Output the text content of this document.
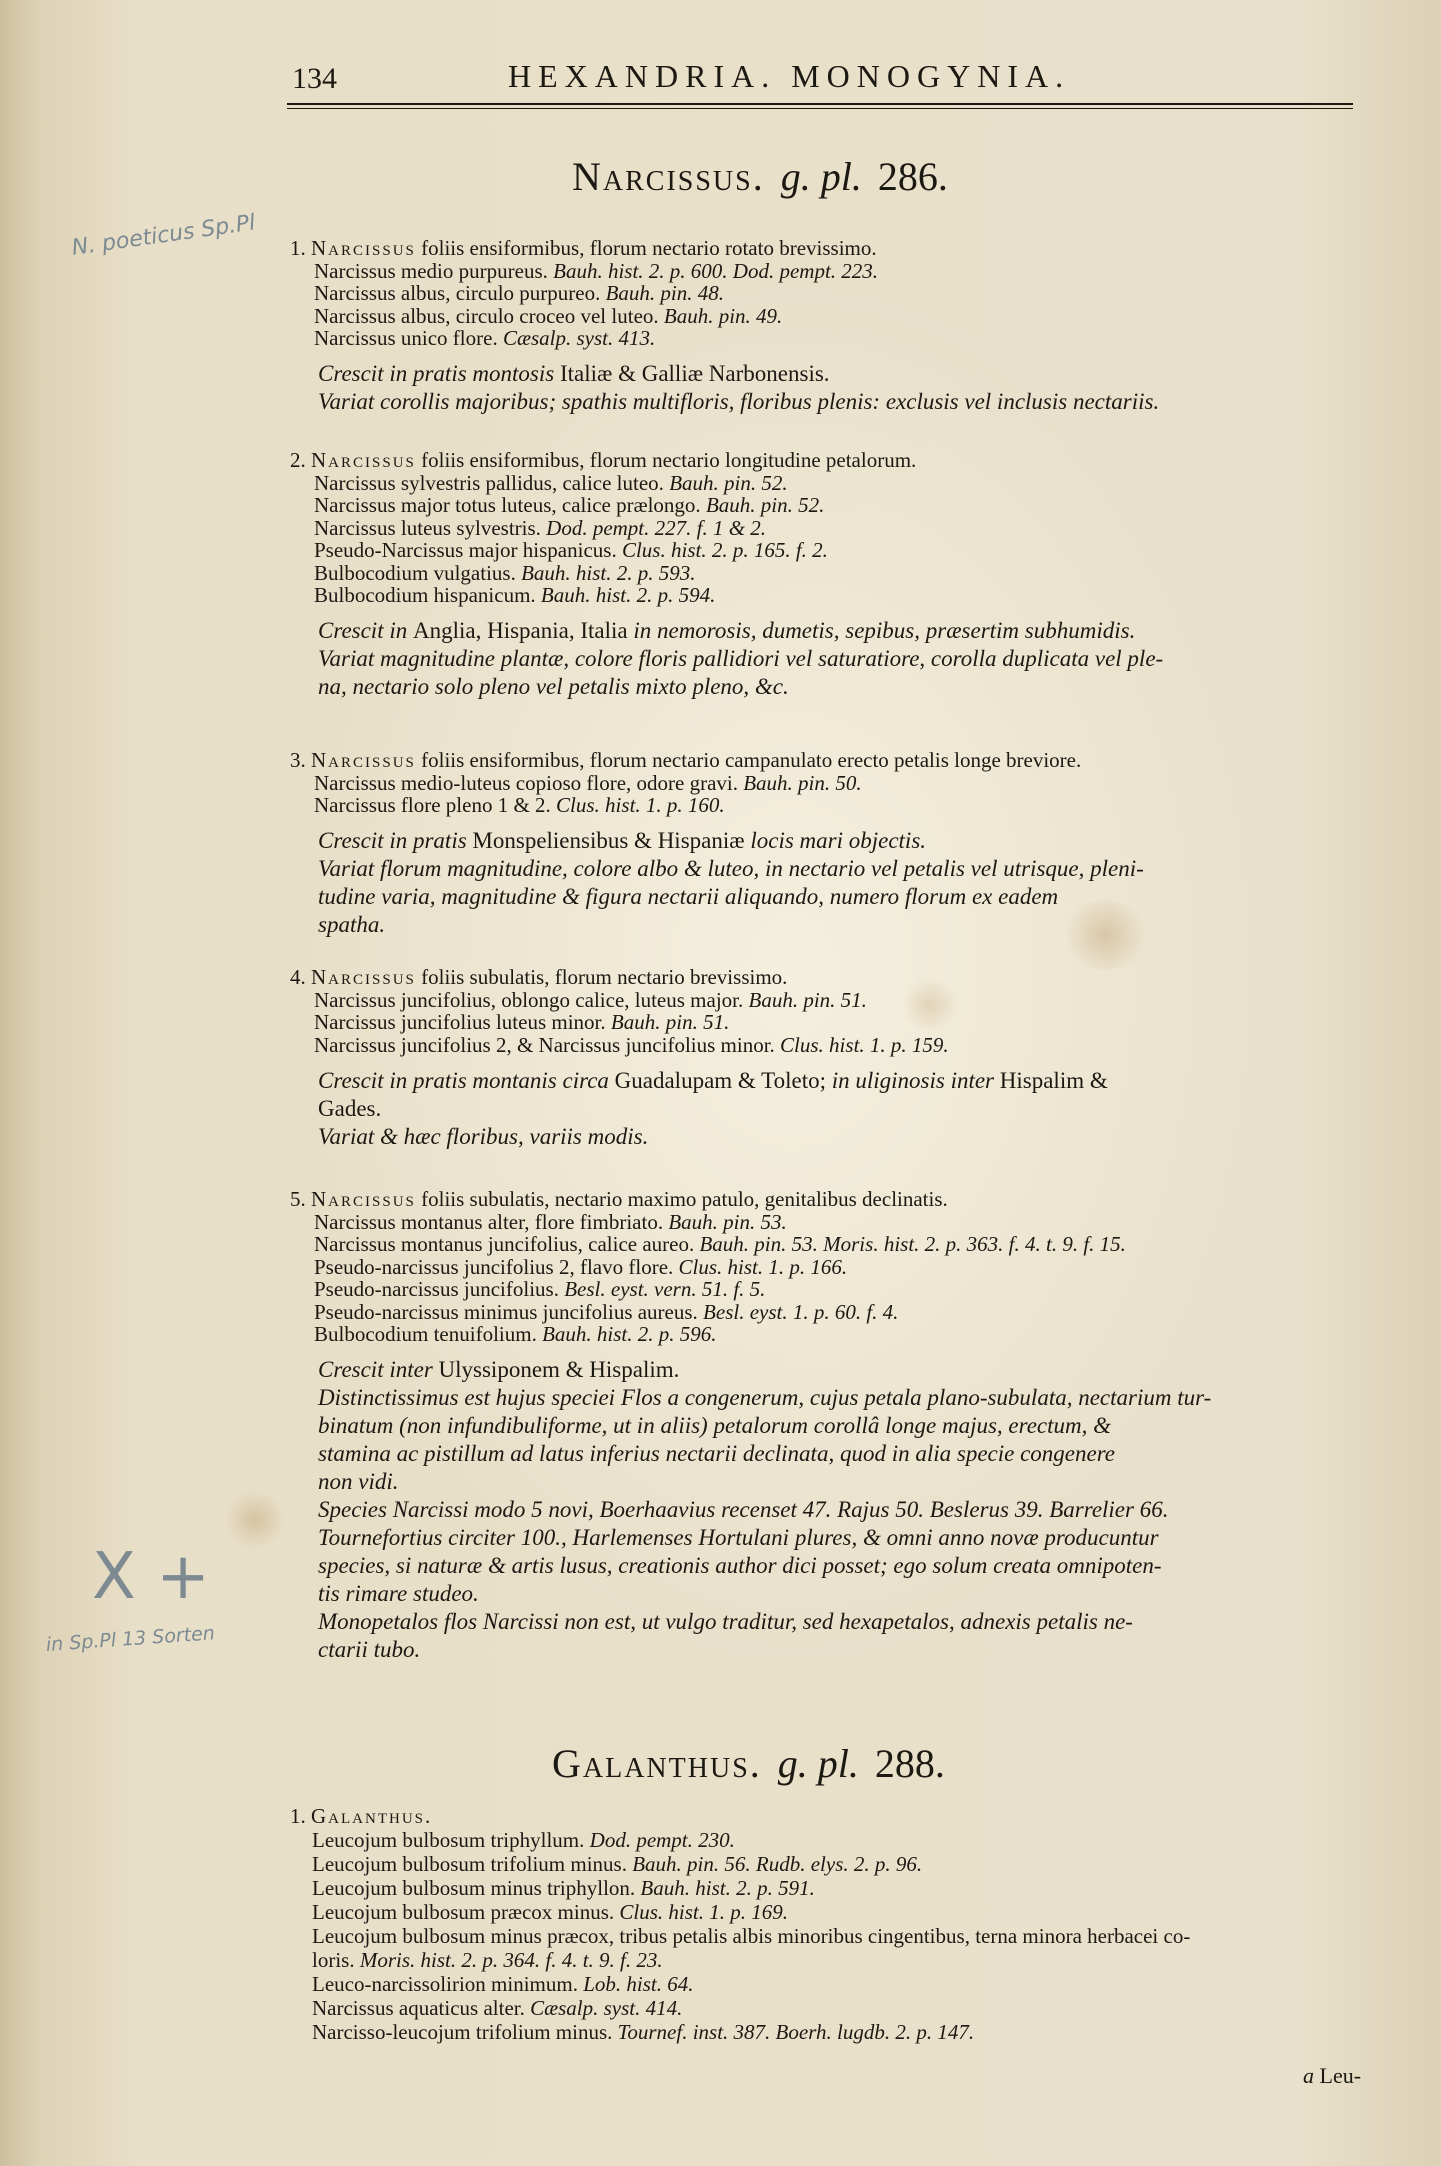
134	HEXANDRIA. MONOGYNIA.
Narcissus. g. pl. 286.
1. Narcissus foliis ensiformibus, florum nectario rotato brevissimo.
Narcissus medio purpureus. Bauh. hist. 2. p. 600. Dod. pempt. 223.
Narcissus albus, circulo purpureo. Bauh. pin. 48.
Narcissus albus, circulo croceo vel luteo. Bauh. pin. 49.
Narcissus unico flore. Cæsalp. syst. 413.
Crescit in pratis montosis Italiæ & Galliæ Narbonensis.
Variat corollis majoribus; spathis multifloris, floribus plenis: exclusis vel inclusis nectariis.
2. Narcissus foliis ensiformibus, florum nectario longitudine petalorum.
Narcissus sylvestris pallidus, calice luteo. Bauh. pin. 52.
Narcissus major totus luteus, calice prælongo. Bauh. pin. 52.
Narcissus luteus sylvestris. Dod. pempt. 227. f. 1 & 2.
Pseudo-Narcissus major hispanicus. Clus. hist. 2. p. 165. f. 2.
Bulbocodium vulgatius. Bauh. hist. 2. p. 593.
Bulbocodium hispanicum. Bauh. hist. 2. p. 594.
Crescit in Anglia, Hispania, Italia in nemorosis, dumetis, sepibus, præsertim subhumidis.
Variat magnitudine plantæ, colore floris pallidiori vel saturatiore, corolla duplicata vel ple-
na, nectario solo pleno vel petalis mixto pleno, &c.
3. Narcissus foliis ensiformibus, florum nectario campanulato erecto petalis longe breviore.
Narcissus medio-luteus copioso flore, odore gravi. Bauh. pin. 50.
Narcissus flore pleno 1 & 2. Clus. hist. 1. p. 160.
Crescit in pratis Monspeliensibus & Hispaniæ locis mari objectis.
Variat florum magnitudine, colore albo & luteo, in nectario vel petalis vel utrisque, pleni-
tudine varia, magnitudine & figura nectarii aliquando, numero florum ex eadem
spatha.
4. Narcissus foliis subulatis, florum nectario brevissimo.
Narcissus juncifolius, oblongo calice, luteus major. Bauh. pin. 51.
Narcissus juncifolius luteus minor. Bauh. pin. 51.
Narcissus juncifolius 2, & Narcissus juncifolius minor. Clus. hist. 1. p. 159.
Crescit in pratis montanis circa Guadalupam & Toleto; in uliginosis inter Hispalim &
Gades.
Variat & hæc floribus, variis modis.
5. Narcissus foliis subulatis, nectario maximo patulo, genitalibus declinatis.
Narcissus montanus alter, flore fimbriato. Bauh. pin. 53.
Narcissus montanus juncifolius, calice aureo. Bauh. pin. 53. Moris. hist. 2. p. 363. f. 4. t. 9. f. 15.
Pseudo-narcissus juncifolius 2, flavo flore. Clus. hist. 1. p. 166.
Pseudo-narcissus juncifolius. Besl. eyst. vern. 51. f. 5.
Pseudo-narcissus minimus juncifolius aureus. Besl. eyst. 1. p. 60. f. 4.
Bulbocodium tenuifolium. Bauh. hist. 2. p. 596.
Crescit inter Ulyssiponem & Hispalim.
Distinctissimus est hujus speciei Flos a congenerum, cujus petala plano-subulata, nectarium tur-
binatum (non infundibuliforme, ut in aliis) petalorum corollâ longe majus, erectum, &
stamina ac pistillum ad latus inferius nectarii declinata, quod in alia specie congenere
non vidi.
Species Narcissi modo 5 novi, Boerhaavius recenset 47. Rajus 50. Beslerus 39. Barrelier 66.
Tournefortius circiter 100., Harlemenses Hortulani plures, & omni anno novæ producuntur
species, si naturæ & artis lusus, creationis author dici posset; ego solum creata omnipoten-
tis rimare studeo.
Monopetalos flos Narcissi non est, ut vulgo traditur, sed hexapetalos, adnexis petalis ne-
ctarii tubo.
Galanthus. g. pl. 288.
1. Galanthus.
Leucojum bulbosum triphyllum. Dod. pempt. 230.
Leucojum bulbosum trifolium minus. Bauh. pin. 56. Rudb. elys. 2. p. 96.
Leucojum bulbosum minus triphyllon. Bauh. hist. 2. p. 591.
Leucojum bulbosum præcox minus. Clus. hist. 1. p. 169.
Leucojum bulbosum minus præcox, tribus petalis albis minoribus cingentibus, terna minora herbacei co-
loris. Moris. hist. 2. p. 364. f. 4. t. 9. f. 23.
Leuco-narcissolirion minimum. Lob. hist. 64.
Narcissus aquaticus alter. Cæsalp. syst. 414.
Narcisso-leucojum trifolium minus. Tournef. inst. 387. Boerh. lugdb. 2. p. 147.
a Leu-
N. poeticus Sp.Pl
X +
in Sp.Pl 13 Sorten
